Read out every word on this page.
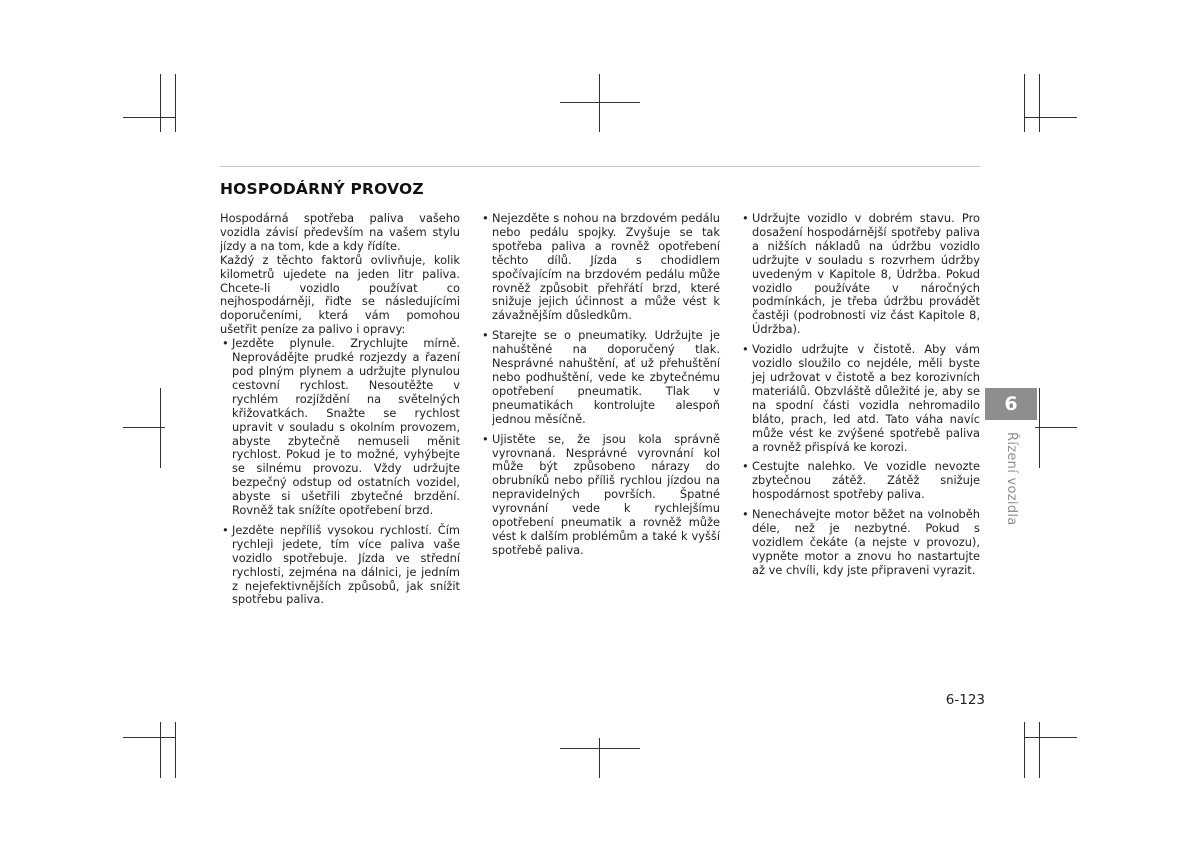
HOSPODÁRNÝ PROVOZ

Hospodárná spotřeba paliva vašeho vozidla závisí především na vašem stylu jízdy a na tom, kde a kdy řídíte.

Každý z těchto faktorů ovlivňuje, kolik kilometrů ujedete na jeden litr paliva. Chcete-li vozidlo používat co nejhospodárněji, řiďte se následujícími doporučeními, která vám pomohou ušetřit peníze za palivo i opravy:

• Jezděte plynule. Zrychlujte mírně. Neprovádějte prudké rozjezdy a řazení pod plným plynem a udržujte plynulou cestovní rychlost. Nesoutěžte v rychlém rozjíždění na světelných křižovatkách. Snažte se rychlost upravit v souladu s okolním provozem, abyste zbytečně nemuseli měnit rychlost. Pokud je to možné, vyhýbejte se silnému provozu. Vždy udržujte bezpečný odstup od ostatních vozidel, abyste si ušetřili zbytečné brzdění. Rovněž tak snížíte opotřebení brzd.
• Jezděte nepříliš vysokou rychlostí. Čím rychleji jedete, tím více paliva vaše vozidlo spotřebuje. Jízda ve střední rychlosti, zejména na dálnici, je jedním z nejefektivnějších způsobů, jak snížit spotřebu paliva.
• Nejezděte s nohou na brzdovém pedálu nebo pedálu spojky. Zvyšuje se tak spotřeba paliva a rovněž opotřebení těchto dílů. Jízda s chodidlem spočívajícím na brzdovém pedálu může rovněž způsobit přehřátí brzd, které snižuje jejich účinnost a může vést k závažnějším důsledkům.
• Starejte se o pneumatiky. Udržujte je nahuštěné na doporučený tlak. Nesprávné nahuštění, ať už přehuštění nebo podhuštění, vede ke zbytečnému opotřebení pneumatik. Tlak v pneumatikách kontrolujte alespoň jednou měsíčně.
• Ujistěte se, že jsou kola správně vyrovnaná. Nesprávné vyrovnání kol může být způsobeno nárazy do obrubníků nebo příliš rychlou jízdou na nepravidelných površích. Špatné vyrovnání vede k rychlejšímu opotřebení pneumatik a rovněž může vést k dalším problémům a také k vyšší spotřebě paliva.
• Udržujte vozidlo v dobrém stavu. Pro dosažení hospodárnější spotřeby paliva a nižších nákladů na údržbu vozidlo udržujte v souladu s rozvrhem údržby uvedeným v Kapitole 8, Údržba. Pokud vozidlo používáte v náročných podmínkách, je třeba údržbu provádět častěji (podrobnosti viz část Kapitole 8, Údržba).
• Vozidlo udržujte v čistotě. Aby vám vozidlo sloužilo co nejdéle, měli byste jej udržovat v čistotě a bez korozivních materiálů. Obzvláště důležité je, aby se na spodní části vozidla nehromadilo bláto, prach, led atd. Tato váha navíc může vést ke zvýšené spotřebě paliva a rovněž přispívá ke korozi.
• Cestujte nalehko. Ve vozidle nevozte zbytečnou zátěž. Zátěž snižuje hospodárnost spotřeby paliva.
• Nenechávejte motor běžet na volnoběh déle, než je nezbytné. Pokud s vozidlem čekáte (a nejste v provozu), vypněte motor a znovu ho nastartujte až ve chvíli, kdy jste připraveni vyrazit.
6
Řízení vozidla
6-123
